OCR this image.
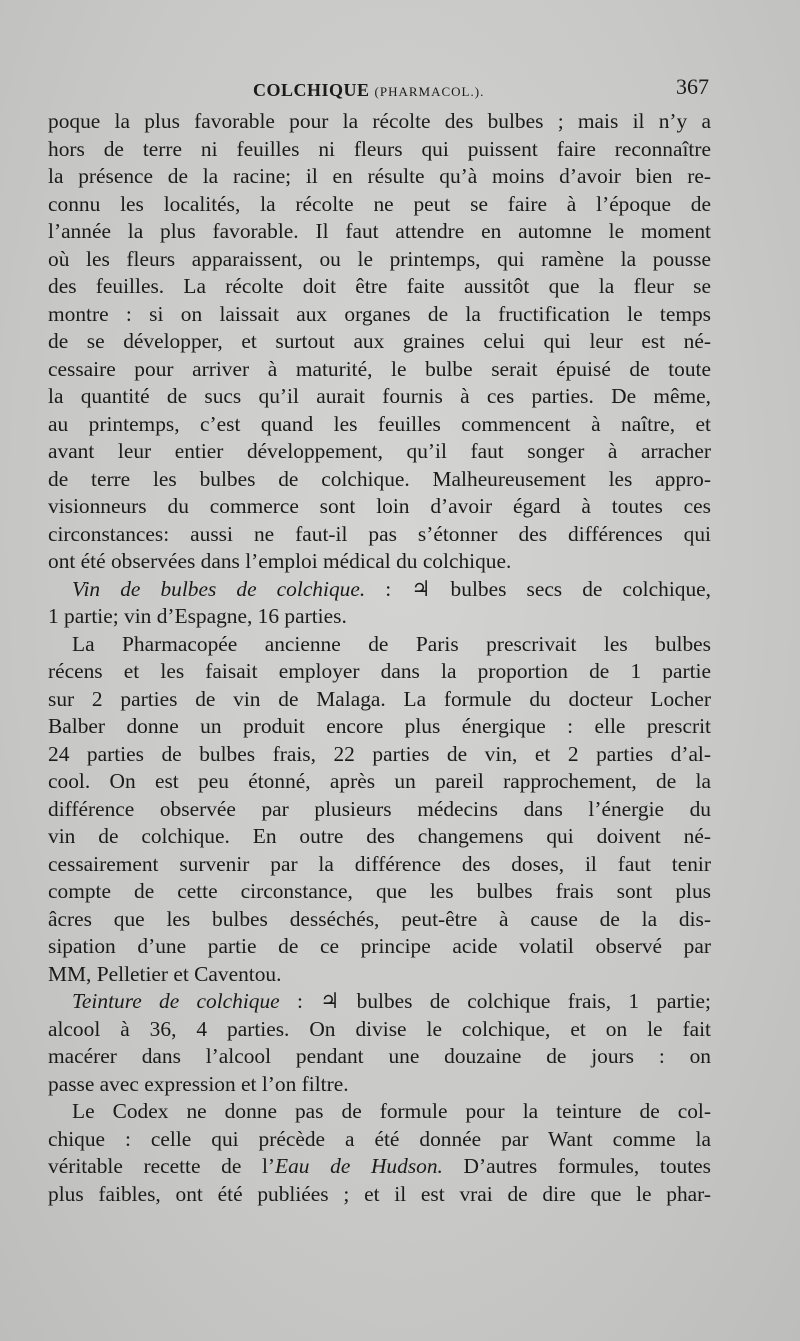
COLCHIQUE (PHARMACOL.).	367

poque la plus favorable pour la récolte des bulbes ; mais il n’y a
hors de terre ni feuilles ni fleurs qui puissent faire reconnaître
la présence de la racine; il en résulte qu’à moins d’avoir bien re-
connu les localités, la récolte ne peut se faire à l’époque de
l’année la plus favorable. Il faut attendre en automne le moment
où les fleurs apparaissent, ou le printemps, qui ramène la pousse
des feuilles. La récolte doit être faite aussitôt que la fleur se
montre : si on laissait aux organes de la fructification le temps
de se développer, et surtout aux graines celui qui leur est né-
cessaire pour arriver à maturité, le bulbe serait épuisé de toute
la quantité de sucs qu’il aurait fournis à ces parties. De même,
au printemps, c’est quand les feuilles commencent à naître, et
avant leur entier développement, qu’il faut songer à arracher
de terre les bulbes de colchique. Malheureusement les appro-
visionneurs du commerce sont loin d’avoir égard à toutes ces
circonstances: aussi ne faut-il pas s’étonner des différences qui
ont été observées dans l’emploi médical du colchique.

Vin de bulbes de colchique. : ♃ bulbes secs de colchique,
1 partie; vin d’Espagne, 16 parties.

La Pharmacopée ancienne de Paris prescrivait les bulbes
récens et les faisait employer dans la proportion de 1 partie
sur 2 parties de vin de Malaga. La formule du docteur Locher
Balber donne un produit encore plus énergique : elle prescrit
24 parties de bulbes frais, 22 parties de vin, et 2 parties d’al-
cool. On est peu étonné, après un pareil rapprochement, de la
différence observée par plusieurs médecins dans l’énergie du
vin de colchique. En outre des changemens qui doivent né-
cessairement survenir par la différence des doses, il faut tenir
compte de cette circonstance, que les bulbes frais sont plus
âcres que les bulbes desséchés, peut-être à cause de la dis-
sipation d’une partie de ce principe acide volatil observé par
MM, Pelletier et Caventou.

Teinture de colchique : ♃ bulbes de colchique frais, 1 partie;
alcool à 36, 4 parties. On divise le colchique, et on le fait
macérer dans l’alcool pendant une douzaine de jours : on
passe avec expression et l’on filtre.

Le Codex ne donne pas de formule pour la teinture de col-
chique : celle qui précède a été donnée par Want comme la
véritable recette de l’Eau de Hudson. D’autres formules, toutes
plus faibles, ont été publiées ; et il est vrai de dire que le phar-
